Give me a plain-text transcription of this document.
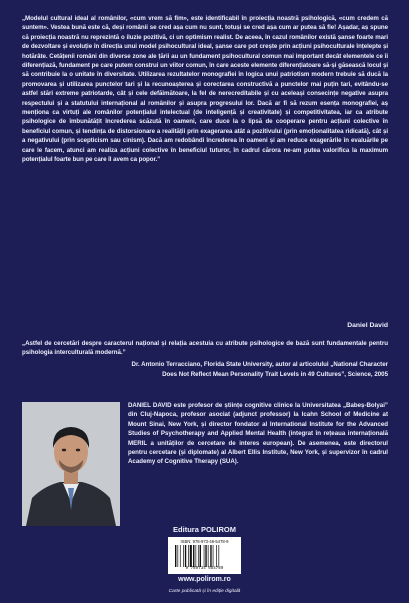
„Modelul cultural ideal al românilor, «cum vrem să fim», este identificabil în proiecția noastră psihologică, «cum credem că suntem». Vestea bună este că, deși românii se cred așa cum nu sunt, totuși se cred așa cum ar putea să fie! Așadar, aș spune că proiecția noastră nu reprezintă o iluzie pozitivă, ci un optimism realist. De aceea, în cazul românilor există șanse foarte mari de dezvoltare și evoluție în direcția unui model psihocultural ideal, șanse care pot crește prin acțiuni psihoculturale înțelepte și hotărâte. Cetățenii români din diverse zone ale țării au un fundament psihocultural comun mai important decât elementele ce îi diferențiază, fundament pe care putem construi un viitor comun, în care aceste elemente diferențiatoare să-și găsească locul și să contribuie la o unitate în diversitate. Utilizarea rezultatelor monografiei în logica unui patriotism modern trebuie să ducă la promovarea și utilizarea punctelor tari și la recunoașterea și corectarea constructivă a punctelor mai puțin tari, evitându-se astfel stări extreme patriotarde, cât și cele defăimătoare, la fel de nerecreditabile și cu aceleași consecințe negative asupra respectului și a statutului internațional al românilor și asupra progresului lor. Dacă ar fi să rezum esența monografiei, aș menționa ca virtuți ale românilor potențialul intelectual (de inteligență și creativitate) și competitivitatea, iar ca atribute psihologice de îmbunătățit încrederea scăzută în oameni, care duce la o lipsă de cooperare pentru acțiuni colective în beneficiul comun, și tendința de distorsionare a realității prin exagerarea atât a pozitivului (prin emoționalitatea ridicată), cât și a negativului (prin scepticism sau cinism). Dacă am redobândi încrederea în oameni și am reduce exagerările în evaluările pe care le facem, atunci am realiza acțiuni colective în beneficiul tuturor, în cadrul cărora ne-am putea valorifica la maximum potențialul foarte bun pe care îl avem ca popor.”
Daniel David
„Astfel de cercetări despre caracterul național și relația acestuia cu atribute psihologice de bază sunt fundamentale pentru psihologia interculturală modernă.”
Dr. Antonio Terracciano, Florida State University, autor al articolului „National Character
Does Not Reflect Mean Personality Trait Levels in 49 Cultures”, Science, 2005
DANIEL DAVID este profesor de științe cognitive clinice la Universitatea „Babeș-Bolyai” din Cluj-Napoca, profesor asociat (adjunct professor) la Icahn School of Medicine at Mount Sinai, New York, și director fondator al International Institute for the Advanced Studies of Psychotherapy and Applied Mental Health (integrat în rețeaua internațională MERIL a unităților de cercetare de interes european). De asemenea, este directorul pentru cercetare (și diplomate) al Albert Ellis Institute, New York, și supervizor în cadrul Academy of Cognitive Therapy (SUA).
Editura POLIROM
ISBN: 978-973-46-5478-9
9 789734 654789
www.polirom.ro
Carte publicată și în ediție digitală
